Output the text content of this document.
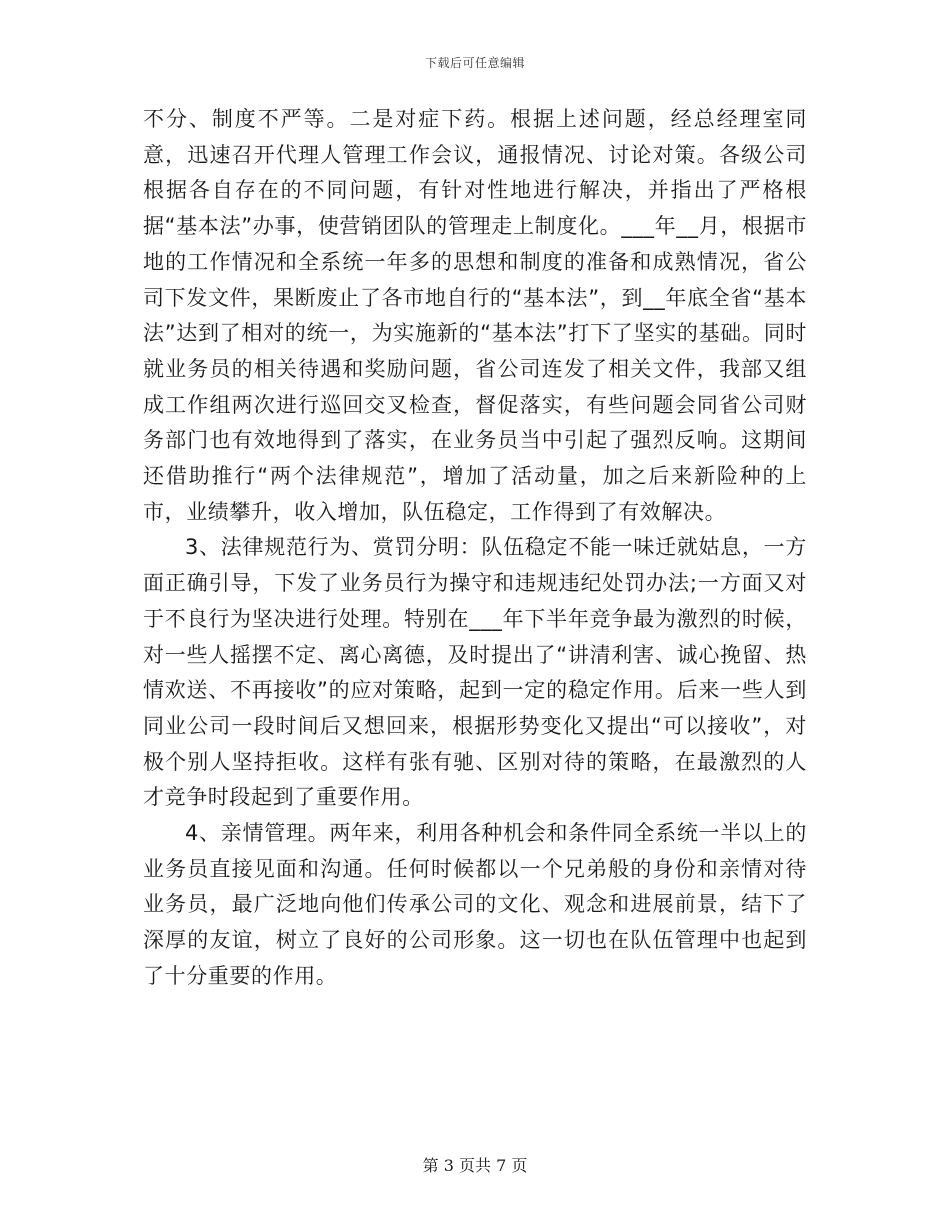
下载后可任意编辑

不分、制度不严等。二是对症下药。根据上述问题，经总经理室同意，迅速召开代理人管理工作会议，通报情况、讨论对策。各级公司根据各自存在的不同问题，有针对性地进行解决，并指出了严格根据“基本法”办事，使营销团队的管理走上制度化。___年__月，根据市地的工作情况和全系统一年多的思想和制度的准备和成熟情况，省公司下发文件，果断废止了各市地自行的“基本法”，到__年底全省“基本法”达到了相对的统一，为实施新的“基本法”打下了坚实的基础。同时就业务员的相关待遇和奖励问题，省公司连发了相关文件，我部又组成工作组两次进行巡回交叉检查，督促落实，有些问题会同省公司财务部门也有效地得到了落实，在业务员当中引起了强烈反响。这期间还借助推行“两个法律规范”，增加了活动量，加之后来新险种的上市，业绩攀升，收入增加，队伍稳定，工作得到了有效解决。

3、法律规范行为、赏罚分明：队伍稳定不能一味迁就姑息，一方面正确引导，下发了业务员行为操守和违规违纪处罚办法;一方面又对于不良行为坚决进行处理。特别在___年下半年竞争最为激烈的时候，对一些人摇摆不定、离心离德，及时提出了“讲清利害、诚心挽留、热情欢送、不再接收”的应对策略，起到一定的稳定作用。后来一些人到同业公司一段时间后又想回来，根据形势变化又提出“可以接收”，对极个别人坚持拒收。这样有张有驰、区别对待的策略，在最激烈的人才竞争时段起到了重要作用。

4、亲情管理。两年来，利用各种机会和条件同全系统一半以上的业务员直接见面和沟通。任何时候都以一个兄弟般的身份和亲情对待业务员，最广泛地向他们传承公司的文化、观念和进展前景，结下了深厚的友谊，树立了良好的公司形象。这一切也在队伍管理中也起到了十分重要的作用。

第 3 页共 7 页
